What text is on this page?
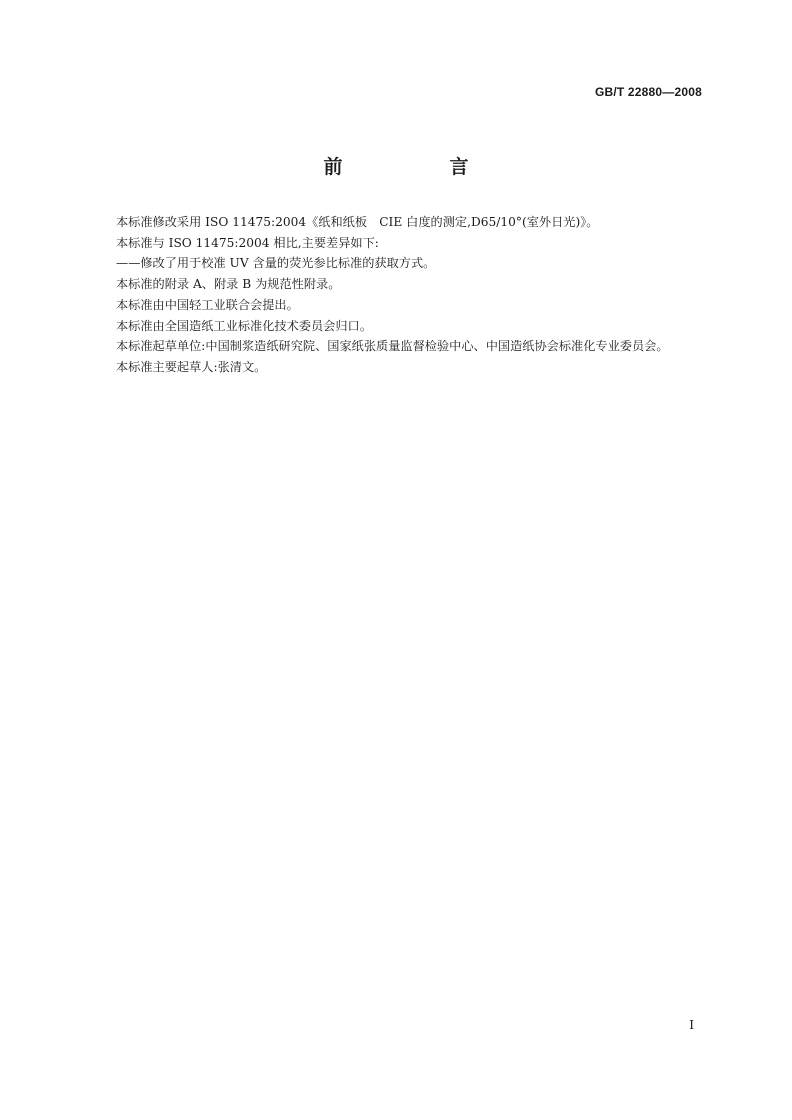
GB/T 22880—2008
前　言

本标准修改采用 ISO 11475:2004《纸和纸板　CIE 白度的测定,D65/10°(室外日光)》。

本标准与 ISO 11475:2004 相比,主要差异如下:

——修改了用于校准 UV 含量的荧光参比标准的获取方式。

本标准的附录 A、附录 B 为规范性附录。

本标准由中国轻工业联合会提出。

本标准由全国造纸工业标准化技术委员会归口。

本标准起草单位:中国制浆造纸研究院、国家纸张质量监督检验中心、中国造纸协会标准化专业委员会。

本标准主要起草人:张清文。

I
